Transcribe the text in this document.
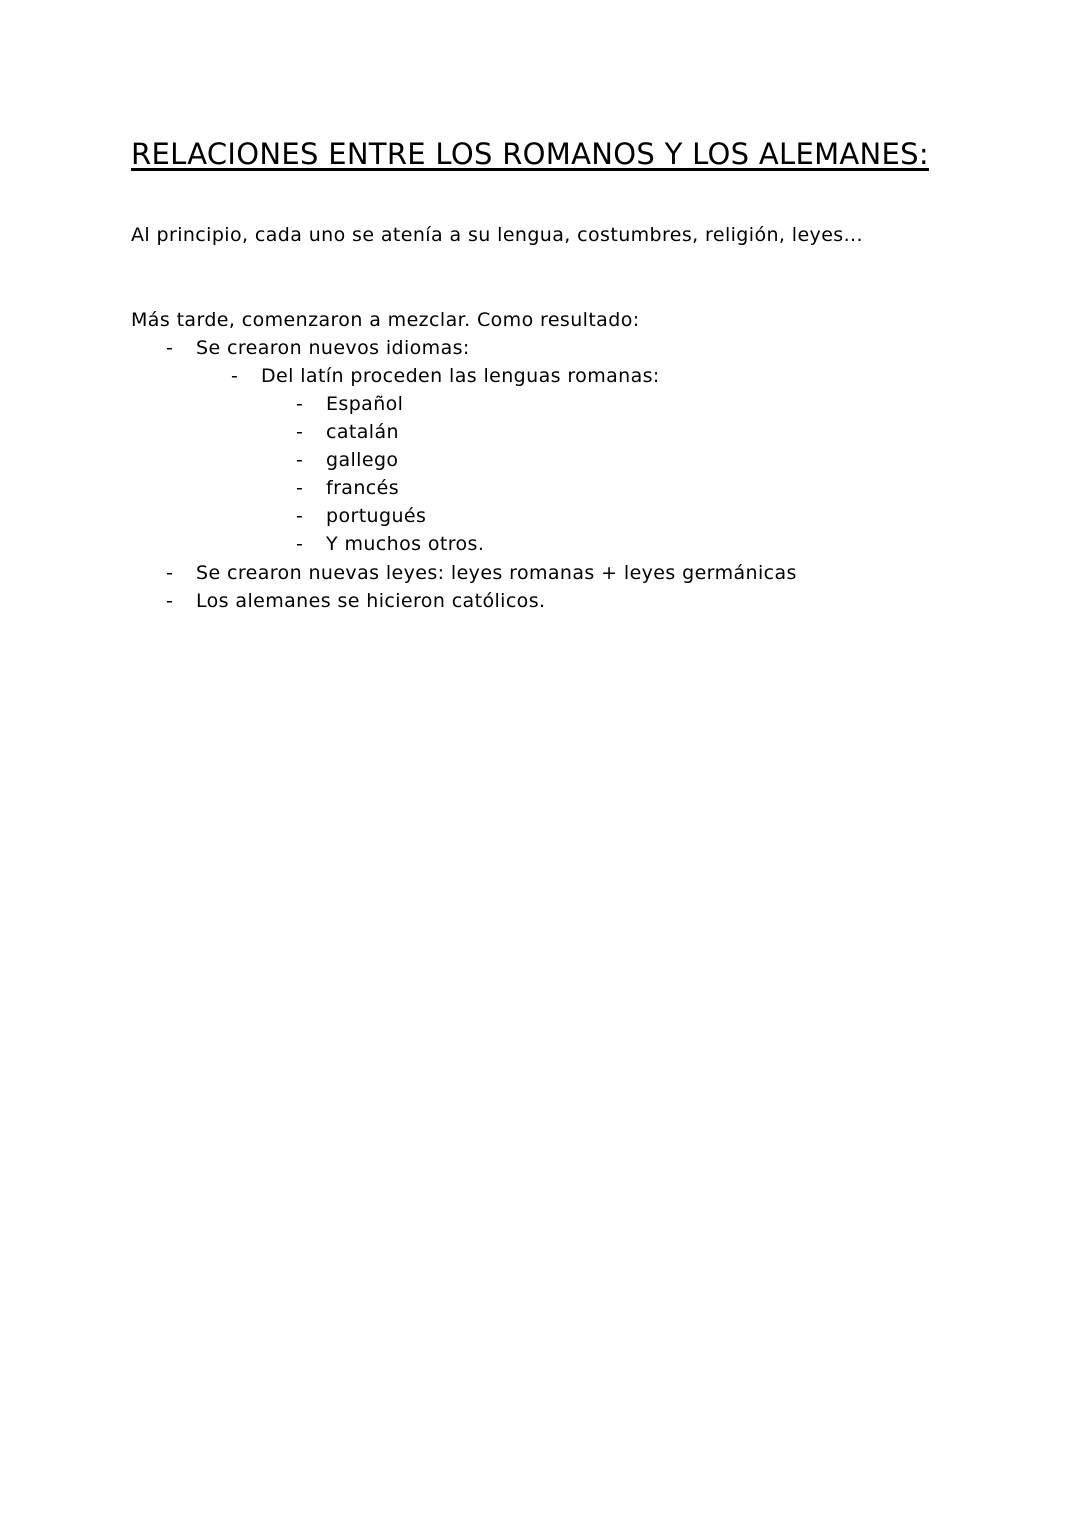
RELACIONES ENTRE LOS ROMANOS Y LOS ALEMANES:

Al principio, cada uno se atenía a su lengua, costumbres, religión, leyes...

Más tarde, comenzaron a mezclar. Como resultado:

- Se crearon nuevos idiomas:
- Del latín proceden las lenguas romanas:
- Español
- catalán
- gallego
- francés
- portugués
- Y muchos otros.
- Se crearon nuevas leyes: leyes romanas + leyes germánicas
- Los alemanes se hicieron católicos.
